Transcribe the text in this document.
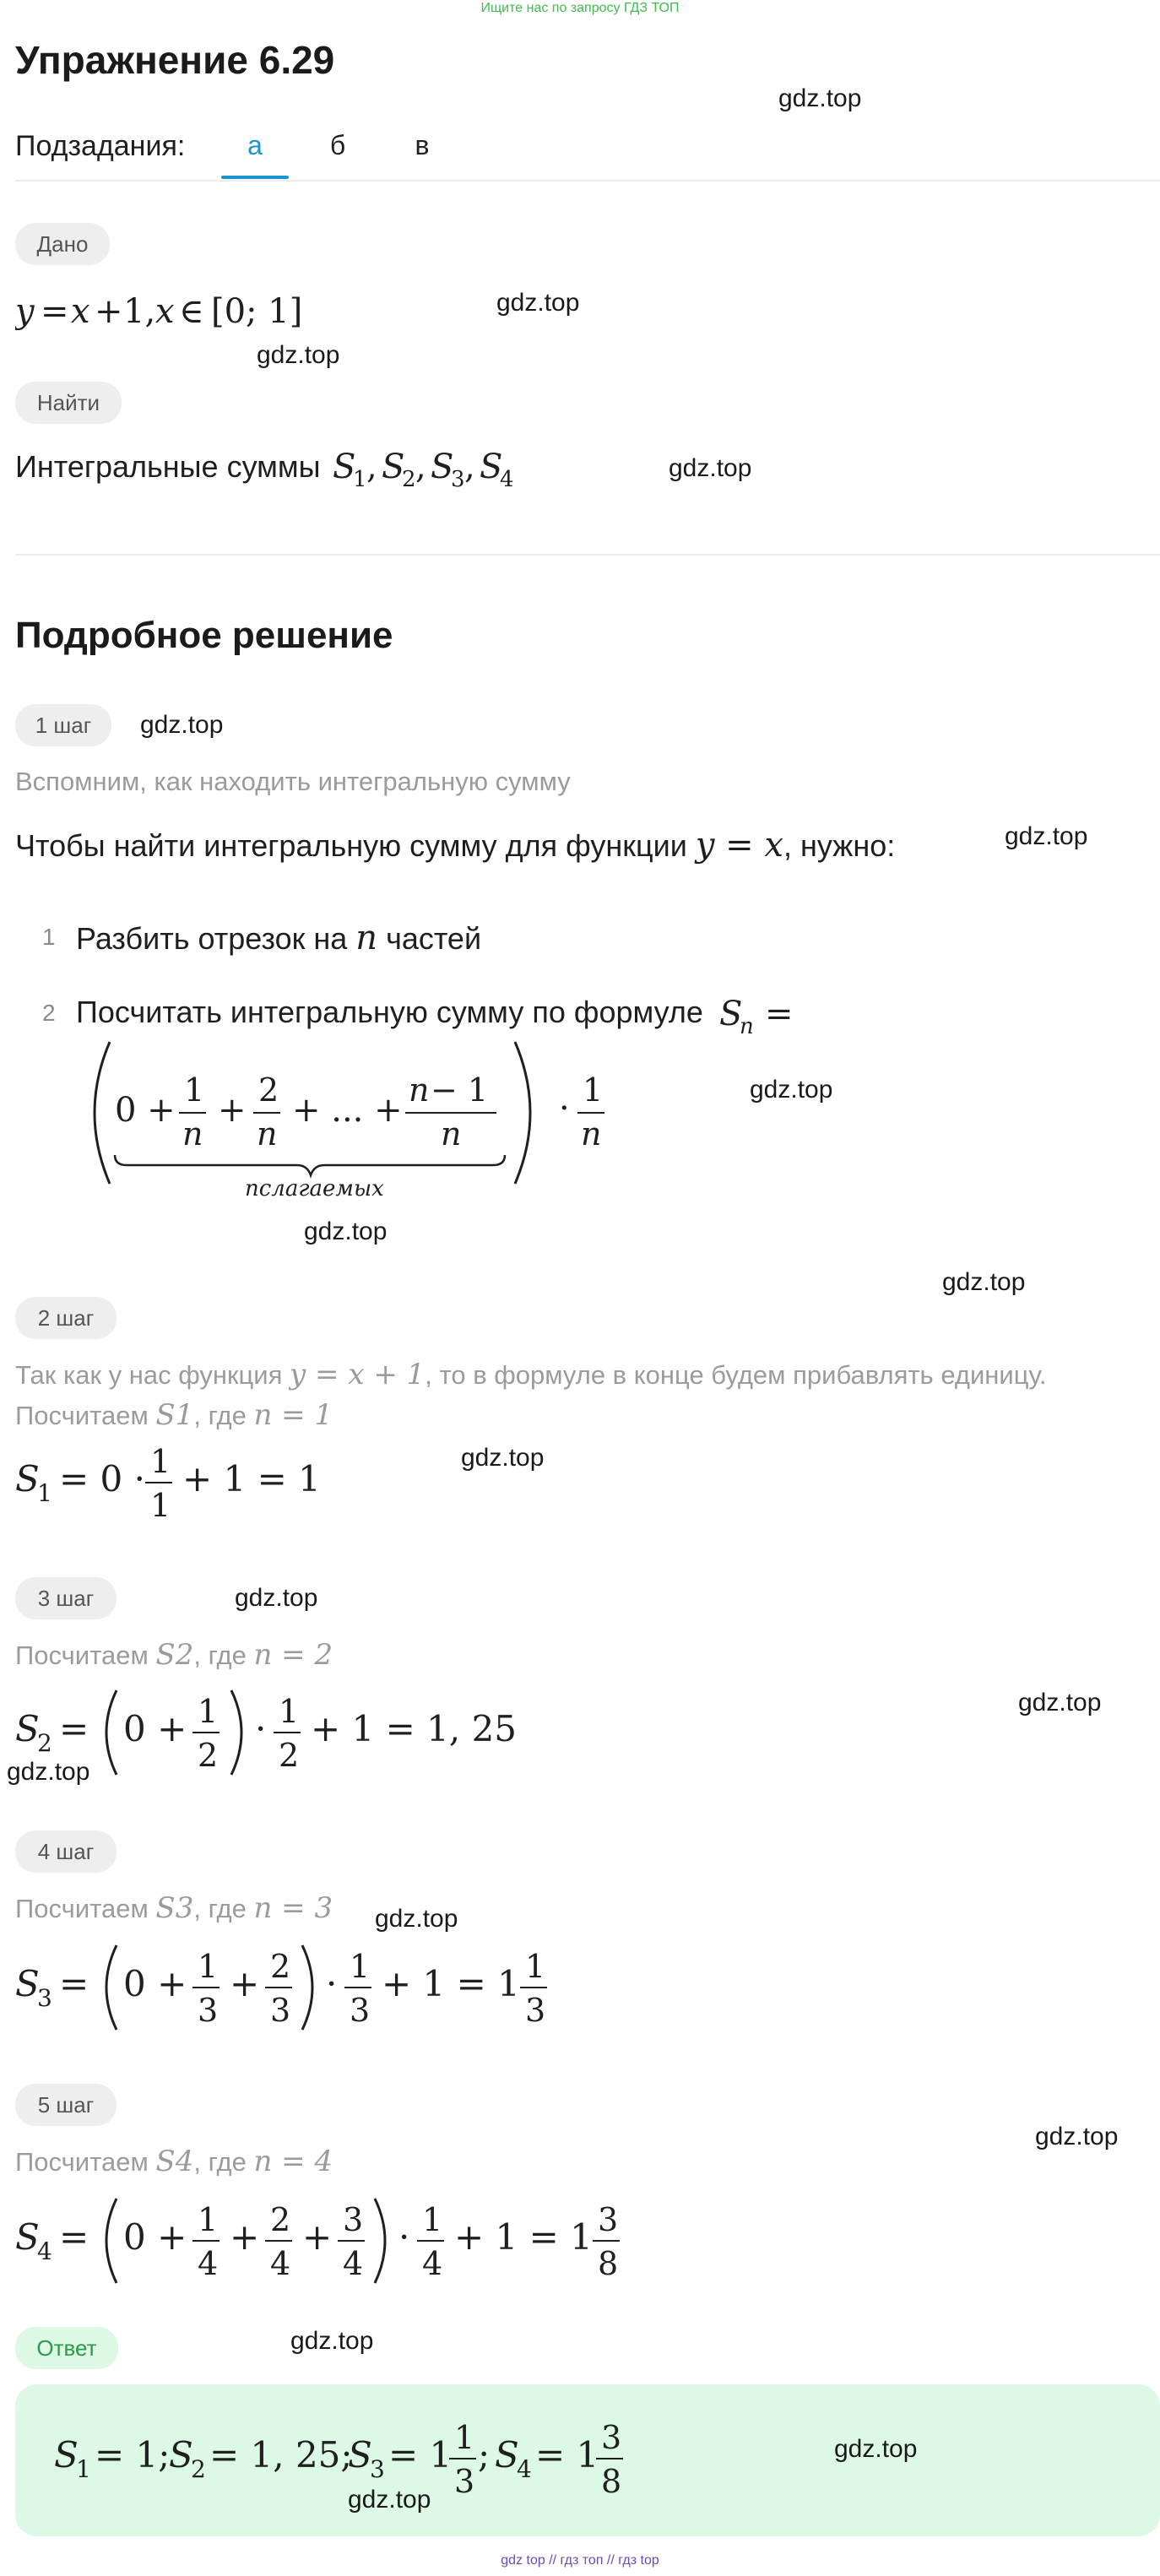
Ищите нас по запросу ГДЗ ТОП
Упражнение 6.29
gdz.top
Подзадания:	а	б	в
Дано
y = x + 1, x ∈ [0; 1]	gdz.top
gdz.top
Найти
Интегральные суммы S
1 , S
2 , S
3 , S
4	gdz.top
Подробное решение
1 шаг	gdz.top
Вспомним, как находить интегральную сумму
Чтобы найти интегральную сумму для функции y = x, нужно:	gdz.top
1 Разбить отрезок на n частей
2 Посчитать интегральную сумму по формуле S
n =
0 +
1
n
+
2
n
+ ... +
n − 1
n
nслагаемых
· 1
n
gdz.top
gdz.top
gdz.top
2 шаг
Так как у нас функция y = x + 1, то в формуле в конце будем прибавлять единицу.
Посчитаем S1, где n = 1
S
1 = 0 · 1
1
+ 1 = 1
gdz.top
3 шаг	gdz.top
Посчитаем S2, где n = 2
S
2 = 0 + 1
2
· 1
2
+ 1 = 1, 25
gdz.top
gdz.top
4 шаг
Посчитаем S3, где n = 3 gdz.top
S
3 = 0 + 1
3
+ 2
3
· 1
3
+ 1 = 1 1
3
5 шаг
gdz.top
Посчитаем S4, где n = 4
S
4 = 0 + 1
4
+ 2
4
+ 3
4
· 1
4
+ 1 = 1 3
8
Ответ	gdz.top
S
1 = 1;
S
2 = 1, 25;
S
3 = 1 1
3
; S
4 = 1 3
8
gdz.top
gdz.top
gdz top // гдз топ // гдз top
